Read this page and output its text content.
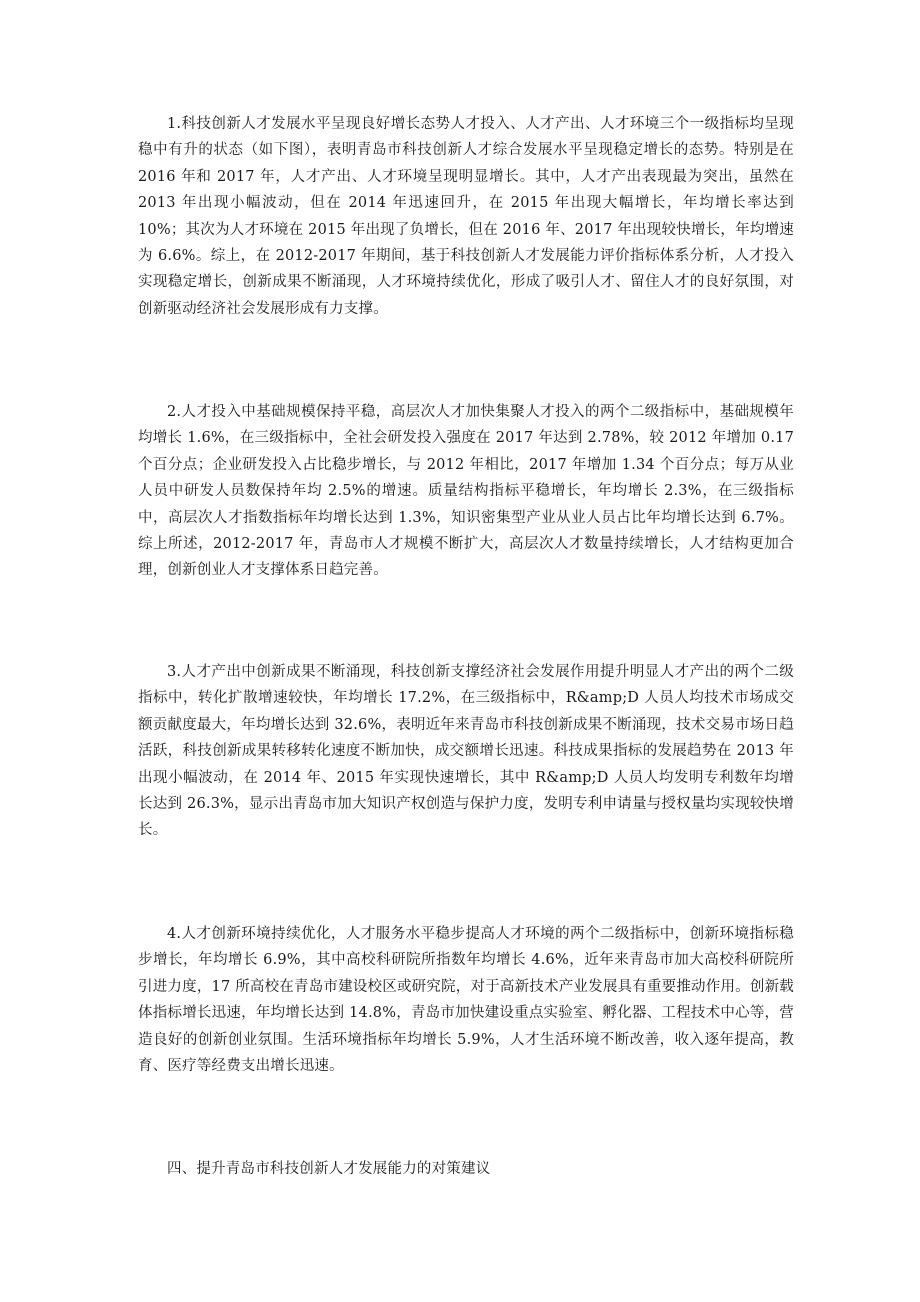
1.科技创新人才发展水平呈现良好增长态势人才投入、人才产出、人才环境三个一级指标均呈现稳中有升的状态（如下图），表明青岛市科技创新人才综合发展水平呈现稳定增长的态势。特别是在 2016 年和 2017 年，人才产出、人才环境呈现明显增长。其中，人才产出表现最为突出，虽然在 2013 年出现小幅波动，但在 2014 年迅速回升，在 2015 年出现大幅增长，年均增长率达到 10%；其次为人才环境在 2015 年出现了负增长，但在 2016 年、2017 年出现较快增长，年均增速为 6.6%。综上，在 2012-2017 年期间，基于科技创新人才发展能力评价指标体系分析，人才投入实现稳定增长，创新成果不断涌现，人才环境持续优化，形成了吸引人才、留住人才的良好氛围，对创新驱动经济社会发展形成有力支撑。

2.人才投入中基础规模保持平稳，高层次人才加快集聚人才投入的两个二级指标中，基础规模年均增长 1.6%，在三级指标中，全社会研发投入强度在 2017 年达到 2.78%，较 2012 年增加 0.17 个百分点；企业研发投入占比稳步增长，与 2012 年相比，2017 年增加 1.34 个百分点；每万从业人员中研发人员数保持年均 2.5%的增速。质量结构指标平稳增长，年均增长 2.3%，在三级指标中，高层次人才指数指标年均增长达到 1.3%，知识密集型产业从业人员占比年均增长达到 6.7%。综上所述，2012-2017 年，青岛市人才规模不断扩大，高层次人才数量持续增长，人才结构更加合理，创新创业人才支撑体系日趋完善。

3.人才产出中创新成果不断涌现，科技创新支撑经济社会发展作用提升明显人才产出的两个二级指标中，转化扩散增速较快，年均增长 17.2%，在三级指标中，R&amp;D 人员人均技术市场成交额贡献度最大，年均增长达到 32.6%，表明近年来青岛市科技创新成果不断涌现，技术交易市场日趋活跃，科技创新成果转移转化速度不断加快，成交额增长迅速。科技成果指标的发展趋势在 2013 年出现小幅波动，在 2014 年、2015 年实现快速增长，其中 R&amp;D 人员人均发明专利数年均增长达到 26.3%，显示出青岛市加大知识产权创造与保护力度，发明专利申请量与授权量均实现较快增长。

4.人才创新环境持续优化，人才服务水平稳步提高人才环境的两个二级指标中，创新环境指标稳步增长，年均增长 6.9%，其中高校科研院所指数年均增长 4.6%，近年来青岛市加大高校科研院所引进力度，17 所高校在青岛市建设校区或研究院，对于高新技术产业发展具有重要推动作用。创新载体指标增长迅速，年均增长达到 14.8%，青岛市加快建设重点实验室、孵化器、工程技术中心等，营造良好的创新创业氛围。生活环境指标年均增长 5.9%，人才生活环境不断改善，收入逐年提高，教育、医疗等经费支出增长迅速。

四、提升青岛市科技创新人才发展能力的对策建议
